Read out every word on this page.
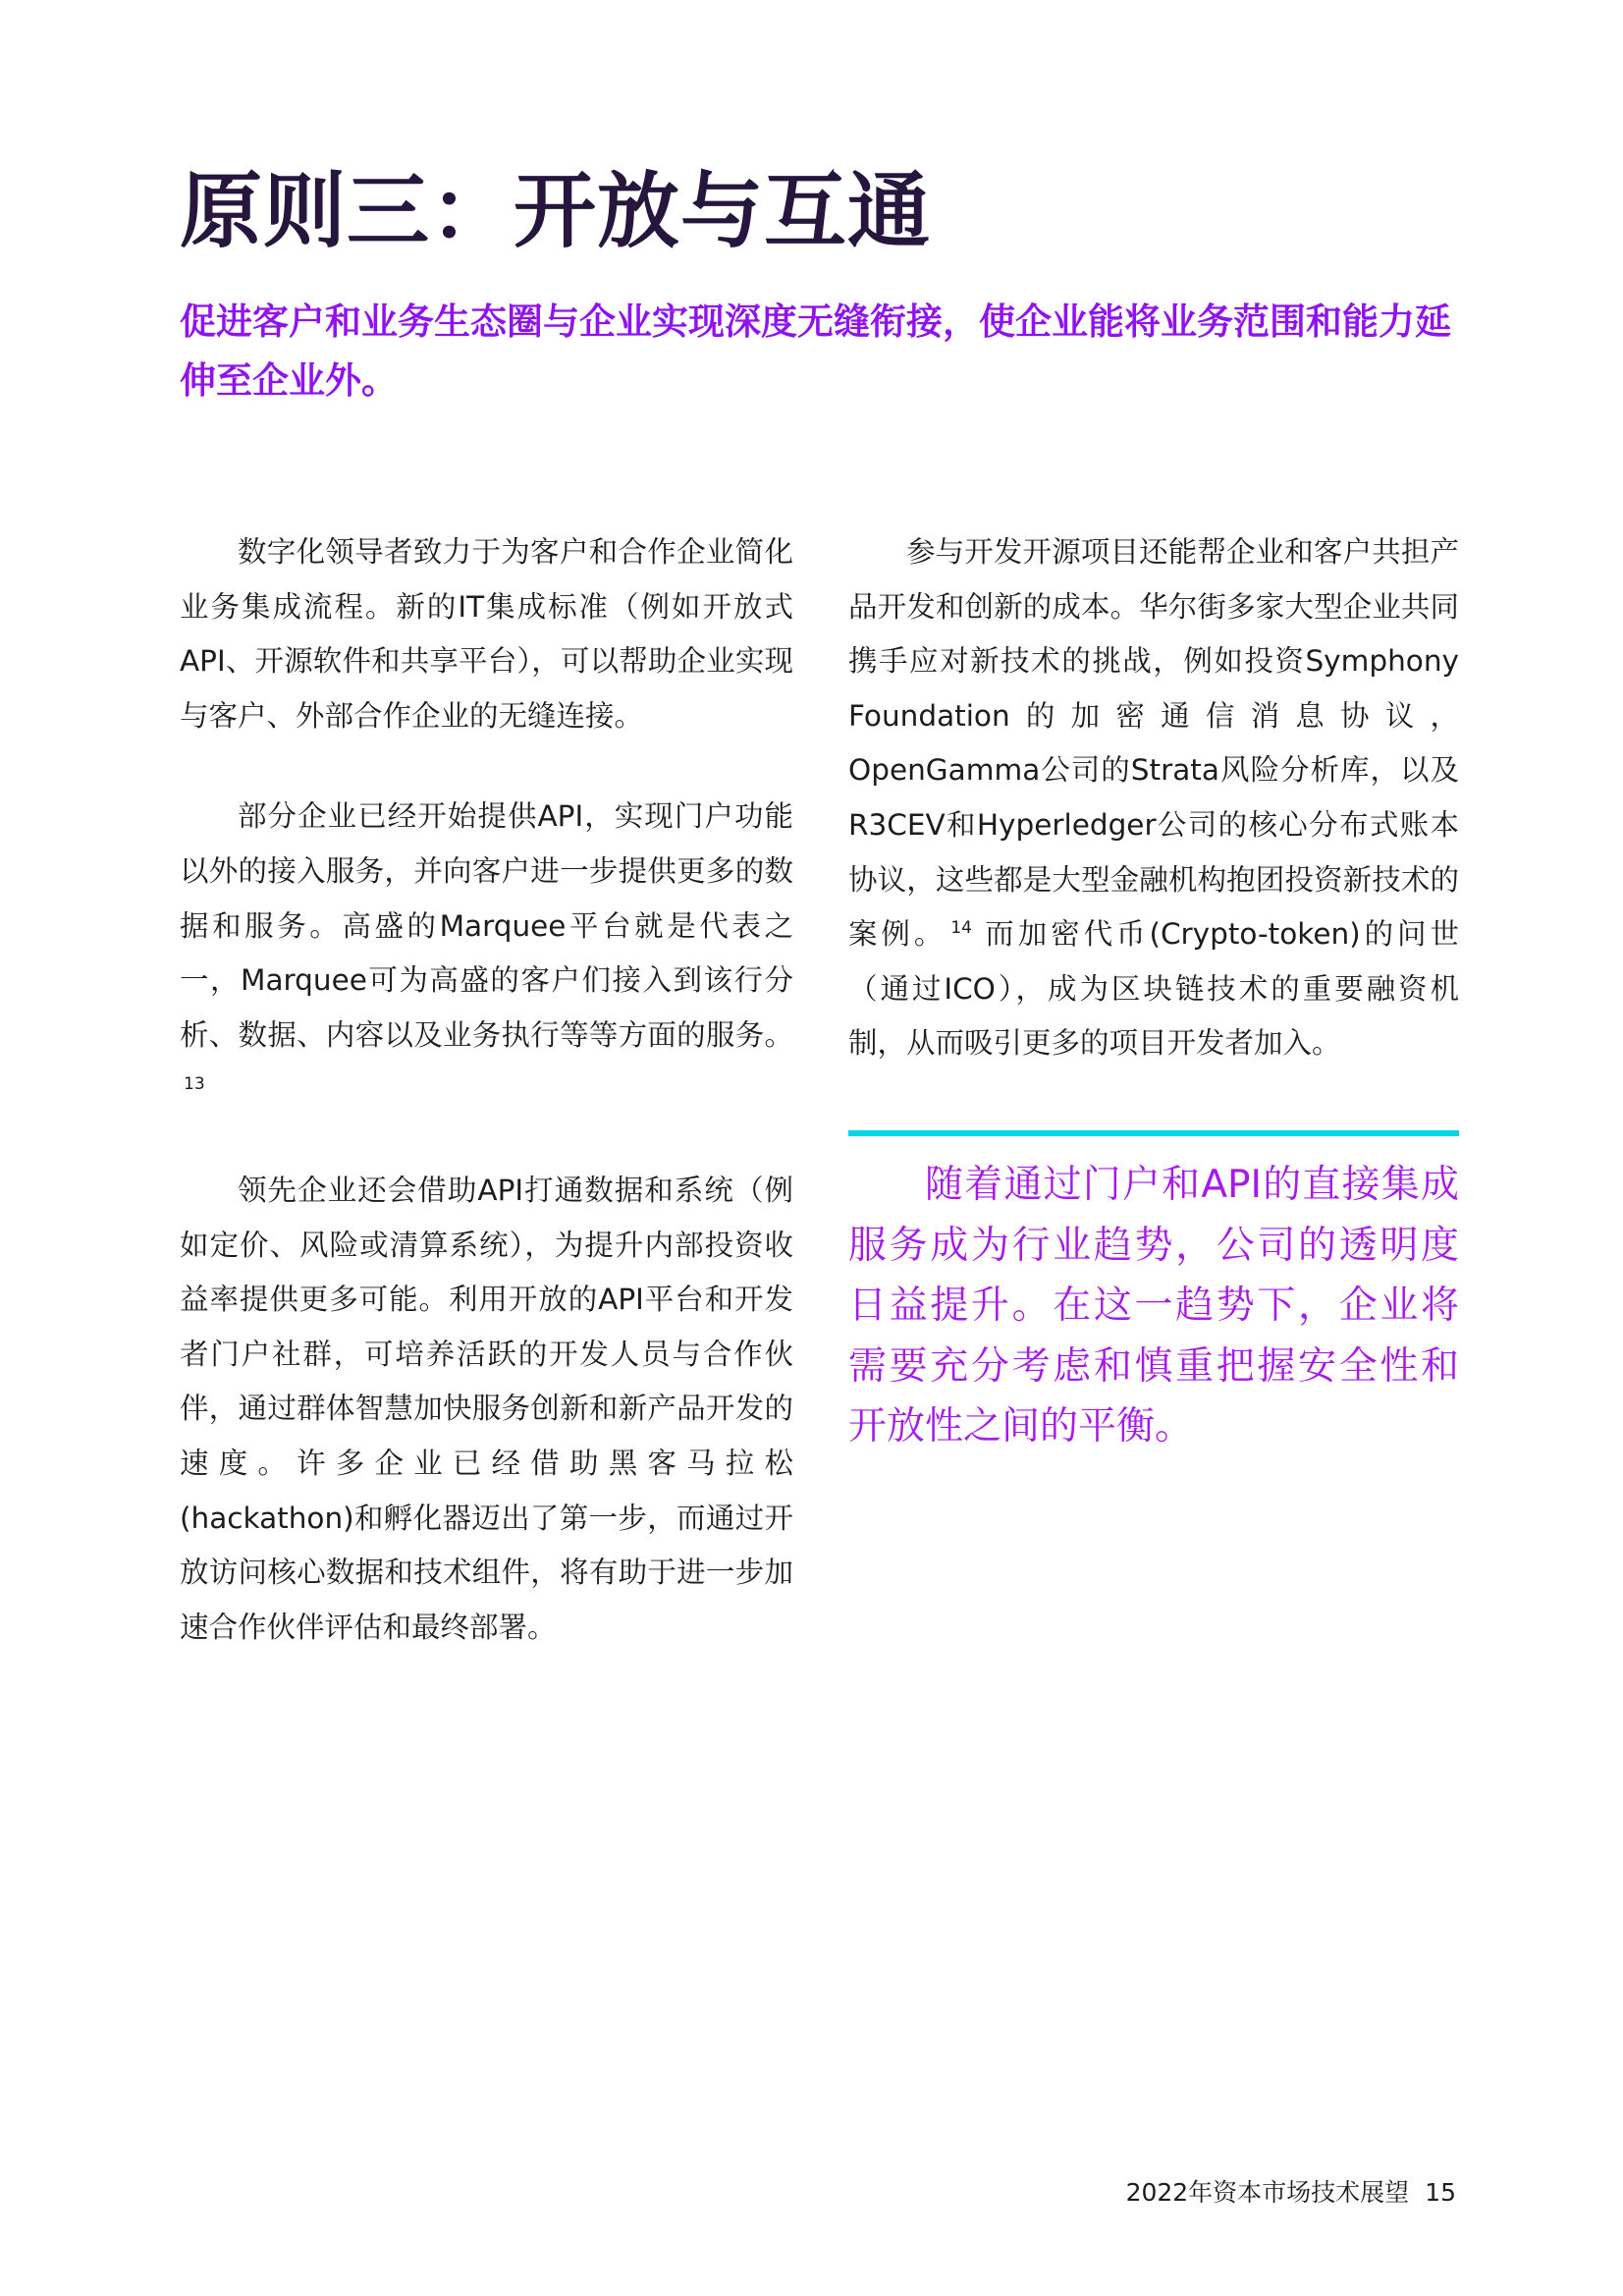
原则三：开放与互通

促进客户和业务生态圈与企业实现深度无缝衔接，使企业能将业务范围和能力延伸至企业外。

数字化领导者致力于为客户和合作企业简化业务集成流程。新的IT集成标准（例如开放式API、开源软件和共享平台），可以帮助企业实现与客户、外部合作企业的无缝连接。

部分企业已经开始提供API，实现门户功能以外的接入服务，并向客户进一步提供更多的数据和服务。高盛的Marquee平台就是代表之一，Marquee可为高盛的客户们接入到该行分析、数据、内容以及业务执行等等方面的服务。$^{13}$

领先企业还会借助API打通数据和系统（例如定价、风险或清算系统），为提升内部投资收益率提供更多可能。利用开放的API平台和开发者门户社群，可培养活跃的开发人员与合作伙伴，通过群体智慧加快服务创新和新产品开发的速度。许多企业已经借助黑客马拉松(hackathon)和孵化器迈出了第一步，而通过开放访问核心数据和技术组件，将有助于进一步加速合作伙伴评估和最终部署。

参与开发开源项目还能帮企业和客户共担产品开发和创新的成本。华尔街多家大型企业共同携手应对新技术的挑战，例如投资Symphony Foundation的加密通信消息协议，OpenGamma公司的Strata风险分析库，以及R3CEV和Hyperledger公司的核心分布式账本协议，这些都是大型金融机构抱团投资新技术的案例。 $^{14}$ 而加密代币(Crypto-token)的问世（通过ICO），成为区块链技术的重要融资机制，从而吸引更多的项目开发者加入。

随着通过门户和API的直接集成服务成为行业趋势，公司的透明度日益提升。在这一趋势下，企业将需要充分考虑和慎重把握安全性和开放性之间的平衡。

2022年资本市场技术展望 15
